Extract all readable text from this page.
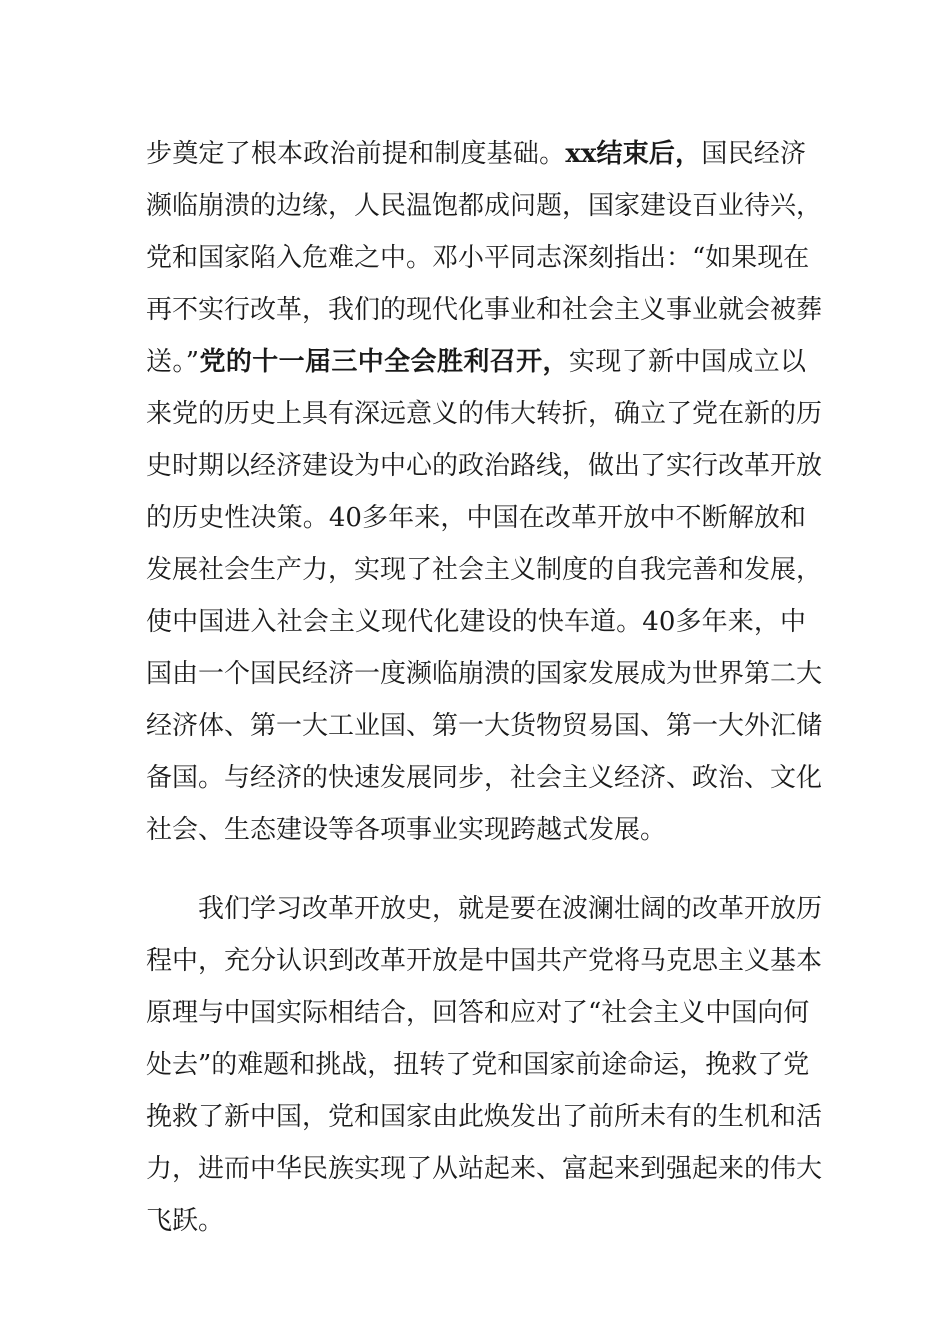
步奠定了根本政治前提和制度基础。xx结束后，国民经济
濒临崩溃的边缘，人民温饱都成问题，国家建设百业待兴，
党和国家陷入危难之中。邓小平同志深刻指出：“如果现在
再不实行改革，我们的现代化事业和社会主义事业就会被葬
送。”党的十一届三中全会胜利召开，实现了新中国成立以
来党的历史上具有深远意义的伟大转折，确立了党在新的历
史时期以经济建设为中心的政治路线，做出了实行改革开放
的历史性决策。40多年来，中国在改革开放中不断解放和
发展社会生产力，实现了社会主义制度的自我完善和发展，
使中国进入社会主义现代化建设的快车道。40多年来，中
国由一个国民经济一度濒临崩溃的国家发展成为世界第二大
经济体、第一大工业国、第一大货物贸易国、第一大外汇储
备国。与经济的快速发展同步，社会主义经济、政治、文化
社会、生态建设等各项事业实现跨越式发展。
我们学习改革开放史，就是要在波澜壮阔的改革开放历
程中，充分认识到改革开放是中国共产党将马克思主义基本
原理与中国实际相结合，回答和应对了“社会主义中国向何
处去”的难题和挑战，扭转了党和国家前途命运，挽救了党
挽救了新中国，党和国家由此焕发出了前所未有的生机和活
力，进而中华民族实现了从站起来、富起来到强起来的伟大
飞跃。
